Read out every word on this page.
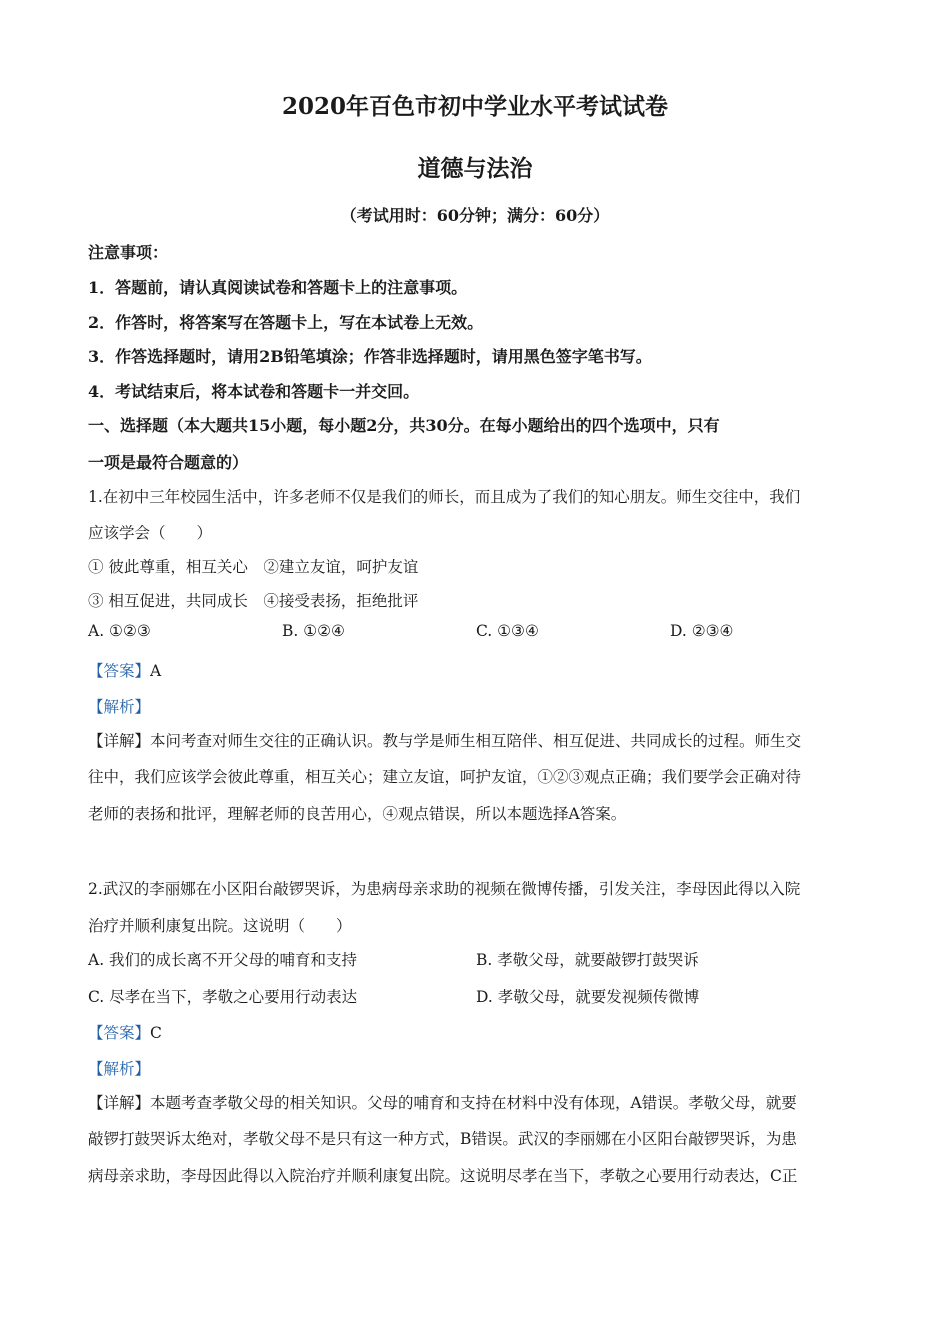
2020年百色市初中学业水平考试试卷
道德与法治
（考试用时：60分钟；满分：60分）
注意事项：
1．答题前，请认真阅读试卷和答题卡上的注意事项。
2．作答时，将答案写在答题卡上，写在本试卷上无效。
3．作答选择题时，请用2B铅笔填涂；作答非选择题时，请用黑色签字笔书写。
4．考试结束后，将本试卷和答题卡一并交回。
一、选择题（本大题共15小题，每小题2分，共30分。在每小题给出的四个选项中，只有
一项是最符合题意的）
1.在初中三年校园生活中，许多老师不仅是我们的师长，而且成为了我们的知心朋友。师生交往中，我们
应该学会（　　）
① 彼此尊重，相互关心　②建立友谊，呵护友谊
③ 相互促进，共同成长　④接受表扬，拒绝批评
A. ①②③	B. ①②④	C. ①③④	D. ②③④
【答案】A
【解析】
【详解】本问考查对师生交往的正确认识。教与学是师生相互陪伴、相互促进、共同成长的过程。师生交
往中，我们应该学会彼此尊重，相互关心；建立友谊，呵护友谊，①②③观点正确；我们要学会正确对待
老师的表扬和批评，理解老师的良苦用心，④观点错误，所以本题选择A答案。
2.武汉的李丽娜在小区阳台敲锣哭诉，为患病母亲求助的视频在微博传播，引发关注，李母因此得以入院
治疗并顺利康复出院。这说明（　　）
A. 我们的成长离不开父母的哺育和支持	B. 孝敬父母，就要敲锣打鼓哭诉
C. 尽孝在当下，孝敬之心要用行动表达	D. 孝敬父母，就要发视频传微博
【答案】C
【解析】
【详解】本题考查孝敬父母的相关知识。父母的哺育和支持在材料中没有体现，A错误。孝敬父母，就要
敲锣打鼓哭诉太绝对，孝敬父母不是只有这一种方式，B错误。武汉的李丽娜在小区阳台敲锣哭诉，为患
病母亲求助，李母因此得以入院治疗并顺利康复出院。这说明尽孝在当下，孝敬之心要用行动表达，C正
